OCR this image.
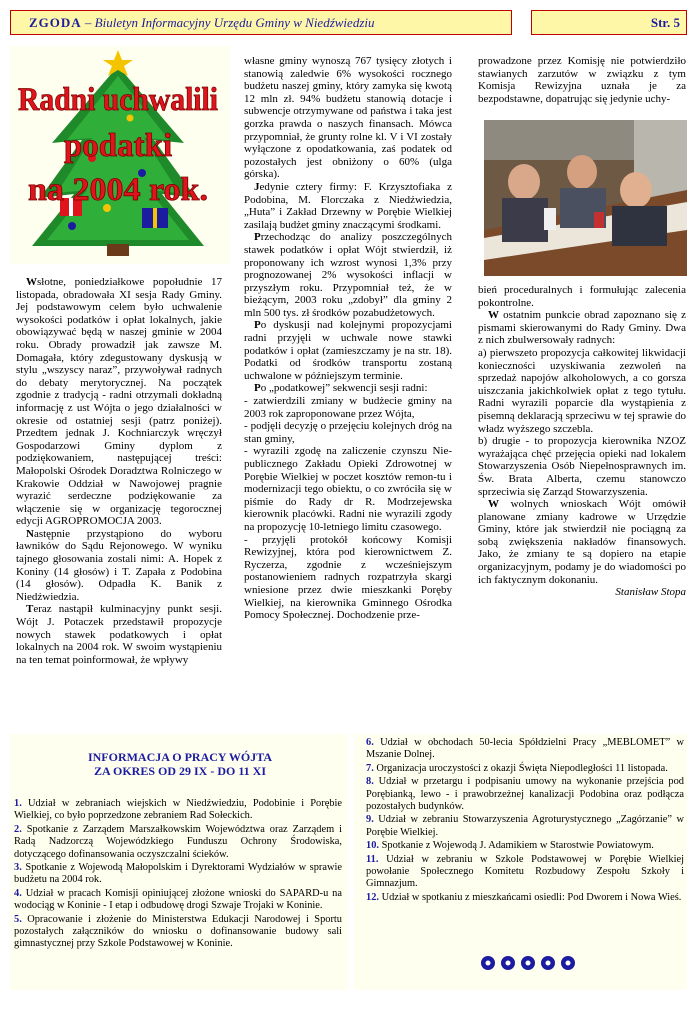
ZGODA – Biuletyn Informacyjny Urzędu Gminy w Niedźwiedziu	Str. 5
Radni uchwalili
podatki
na 2004 rok.

Wsłotne, poniedziałkowe popołudnie 17 listopada, obradowała XI sesja Rady Gminy. Jej podstawowym celem było uchwalenie wysokości podatków i opłat lokalnych, jakie obowiązywać będą w naszej gminie w 2004 roku. Obrady prowadził jak zawsze M. Domagała, który zdegustowany dyskusją w stylu „wszyscy naraz”, przywoływał radnych do debaty merytorycznej. Na początek zgodnie z tradycją - radni otrzymali dokładną informację z ust Wójta o jego działalności w okresie od ostatniej sesji (patrz poniżej). Przedtem jednak J. Kochniarczyk wręczył Gospodarzowi Gminy dyplom z podziękowaniem, następującej treści: Małopolski Ośrodek Doradztwa Rolniczego w Krakowie Oddział w Nawojowej pragnie wyrazić serdeczne podziękowanie za włączenie się w organizację tegorocznej edycji AGROPROMOCJA 2003.

Następnie przystąpiono do wyboru ławników do Sądu Rejonowego. W wyniku tajnego głosowania zostali nimi: A. Hopek z Koniny (14 głosów) i T. Zapała z Podobina (14 głosów). Odpadła K. Banik z Niedźwiedzia.

Teraz nastąpił kulminacyjny punkt sesji. Wójt J. Potaczek przedstawił propozycje nowych stawek podatkowych i opłat lokalnych na 2004 rok. W swoim wystąpieniu na ten temat poinformował, że wpływy

własne gminy wynoszą 767 tysięcy złotych i stanowią zaledwie 6% wysokości rocznego budżetu naszej gminy, który zamyka się kwotą 12 mln zł. 94% budżetu stanowią dotacje i subwencje otrzymywane od państwa i taka jest gorzka prawda o naszych finansach. Mówca przypomniał, że grunty rolne kl. V i VI zostały wyłączone z opodatkowania, zaś podatek od pozostałych jest obniżony o 60% (ulga górska).

Jedynie cztery firmy: F. Krzysztofiaka z Podobina, M. Florczaka z Niedźwiedzia, „Huta” i Zakład Drzewny w Porębie Wielkiej zasilają budżet gminy znaczącymi środkami.

Przechodząc do analizy poszczególnych stawek podatków i opłat Wójt stwierdził, iż proponowany ich wzrost wynosi 1,3% przy prognozowanej 2% wysokości inflacji w przyszłym roku. Przypomniał też, że w bieżącym, 2003 roku „zdobył” dla gminy 2 mln 500 tys. zł środków pozabudżetowych.

Po dyskusji nad kolejnymi propozycjami radni przyjęli w uchwale nowe stawki podatków i opłat (zamieszczamy je na str. 18). Podatki od środków transportu zostaną uchwalone w późniejszym terminie.

Po „podatkowej” sekwencji sesji radni:

- zatwierdzili zmiany w budżecie gminy na 2003 rok zaproponowane przez Wójta,

- podjęli decyzję o przejęciu kolejnych dróg na stan gminy,

- wyrazili zgodę na zaliczenie czynszu Nie-publicznego Zakładu Opieki Zdrowotnej w Porębie Wielkiej w poczet kosztów remon-tu i modernizacji tego obiektu, o co zwróciła się w piśmie do Rady dr R. Modrzejewska kierownik placówki. Radni nie wyrazili zgody na propozycję 10-letniego limitu czasowego.

- przyjęli protokół końcowy Komisji Rewizyjnej, która pod kierownictwem Z. Ryczerza, zgodnie z wcześniejszym postanowieniem radnych rozpatrzyła skargi wniesione przez dwie mieszkanki Poręby Wielkiej, na kierownika Gminnego Ośrodka Pomocy Społecznej. Dochodzenie prze-

prowadzone przez Komisję nie potwierdziło stawianych zarzutów w związku z tym Komisja Rewizyjna uznała je za bezpodstawne, dopatrując się jedynie uchy-

bień proceduralnych i formułując zalecenia pokontrolne.

W ostatnim punkcie obrad zapoznano się z pismami skierowanymi do Rady Gminy. Dwa z nich zbulwersowały radnych:

a) pierwszeto propozycja całkowitej likwidacji konieczności uzyskiwania zezwoleń na sprzedaż napojów alkoholowych, a co gorsza uiszczania jakichkolwiek opłat z tego tytułu. Radni wyrazili poparcie dla wystąpienia z pisemną deklaracją sprzeciwu w tej sprawie do władz wyższego szczebla.

b) drugie - to propozycja kierownika NZOZ wyrażająca chęć przejęcia opieki nad lokalem Stowarzyszenia Osób Niepełnosprawnych im. Św. Brata Alberta, czemu stanowczo sprzeciwia się Zarząd Stowarzyszenia.

W wolnych wnioskach Wójt omówił planowane zmiany kadrowe w Urzędzie Gminy, które jak stwierdził nie pociągną za sobą zwiększenia nakładów finansowych. Jako, że zmiany te są dopiero na etapie organizacyjnym, podamy je do wiadomości po ich faktycznym dokonaniu.

Stanisław Stopa

INFORMACJA O PRACY WÓJTA
ZA OKRES OD 29 IX - DO 11 XI

1. Udział w zebraniach wiejskich w Niedźwiedziu, Podobinie i Porębie Wielkiej, co było poprzedzone zebraniem Rad Sołeckich.

2. Spotkanie z Zarządem Marszałkowskim Województwa oraz Zarządem i Radą Nadzorczą Wojewódzkiego Funduszu Ochrony Środowiska, dotyczącego dofinansowania oczyszczalni ścieków.

3. Spotkanie z Wojewodą Małopolskim i Dyrektorami Wydziałów w sprawie budżetu na 2004 rok.

4. Udział w pracach Komisji opiniującej złożone wnioski do SAPARD-u na wodociąg w Koninie - I etap i odbudowę drogi Szwaje Trojaki w Koninie.

5. Opracowanie i złożenie do Ministerstwa Edukacji Narodowej i Sportu pozostałych załączników do wniosku o dofinansowanie budowy sali gimnastycznej przy Szkole Podstawowej w Koninie.

6. Udział w obchodach 50-lecia Spółdzielni Pracy „MEBLOMET” w Mszanie Dolnej.

7. Organizacja uroczystości z okazji Święta Niepodległości 11 listopada.

8. Udział w przetargu i podpisaniu umowy na wykonanie przejścia pod Porębianką, lewo - i prawobrzeżnej kanalizacji Podobina oraz podłącza pozostałych budynków.

9. Udział w zebraniu Stowarzyszenia Agroturystycznego „Zagórzanie” w Porębie Wielkiej.

10. Spotkanie z Wojewodą J. Adamikiem w Starostwie Powiatowym.

11. Udział w zebraniu w Szkole Podstawowej w Porębie Wielkiej powołanie Społecznego Komitetu Rozbudowy Zespołu Szkoły i Gimnazjum.

12. Udział w spotkaniu z mieszkańcami osiedli: Pod Dworem i Nowa Wieś.
